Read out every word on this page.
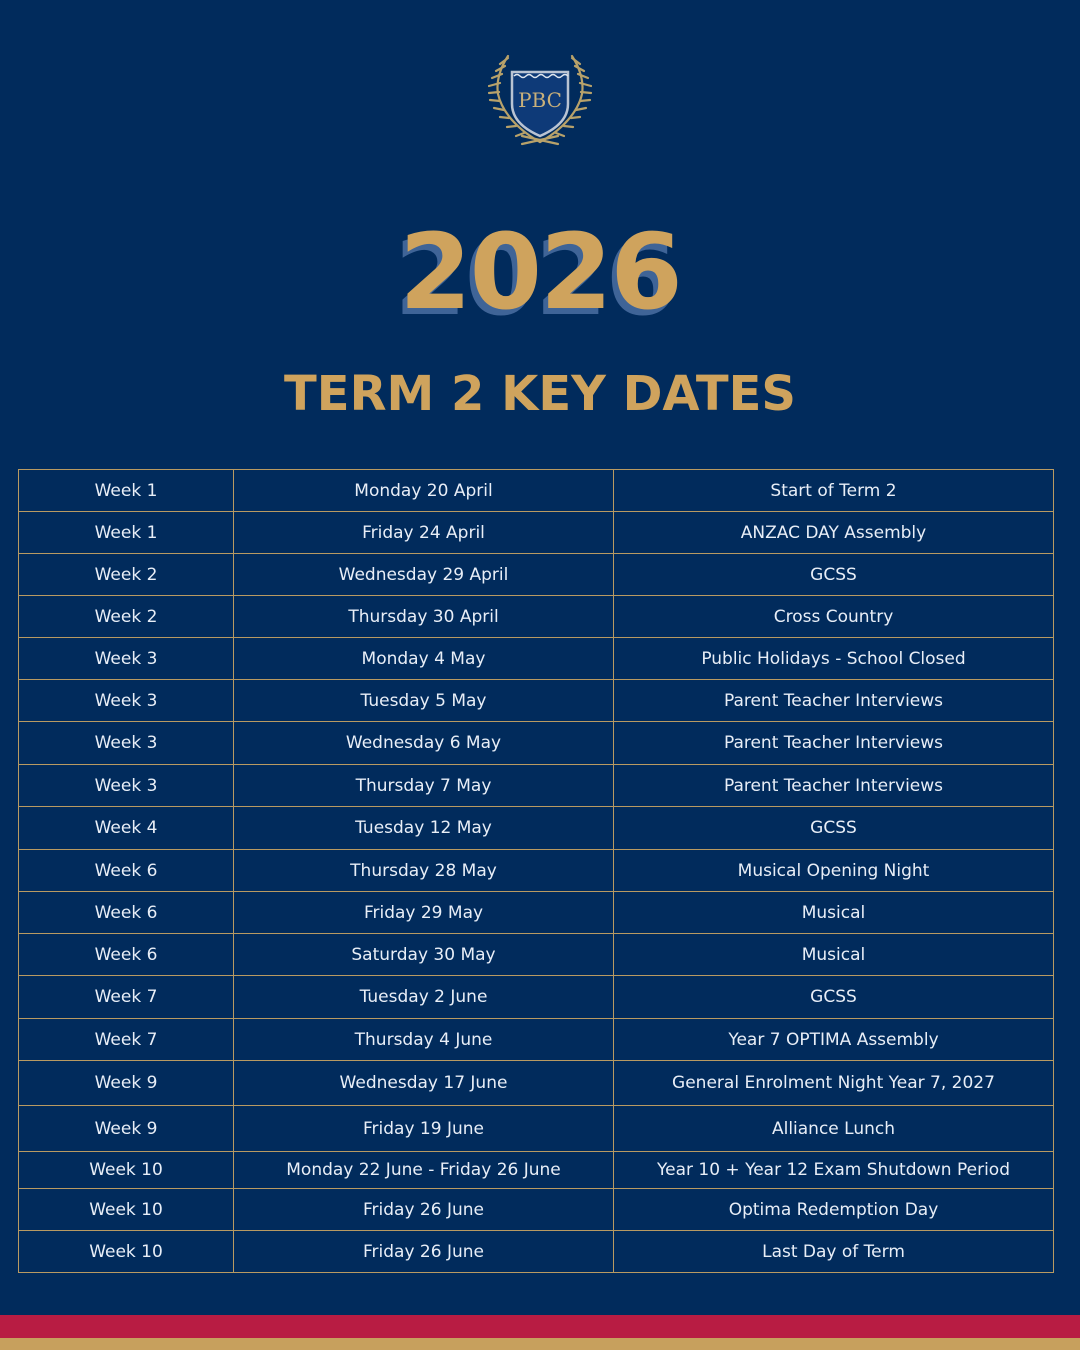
PBC
2026
TERM 2 KEY DATES
Week 1	Monday 20 April	Start of Term 2
Week 1	Friday 24 April	ANZAC DAY Assembly
Week 2	Wednesday 29 April	GCSS
Week 2	Thursday 30 April	Cross Country
Week 3	Monday 4 May	Public Holidays - School Closed
Week 3	Tuesday 5 May	Parent Teacher Interviews
Week 3	Wednesday 6 May	Parent Teacher Interviews
Week 3	Thursday 7 May	Parent Teacher Interviews
Week 4	Tuesday 12 May	GCSS
Week 6	Thursday 28 May	Musical Opening Night
Week 6	Friday 29 May	Musical
Week 6	Saturday 30 May	Musical
Week 7	Tuesday 2 June	GCSS
Week 7	Thursday 4 June	Year 7 OPTIMA Assembly
Week 9	Wednesday 17 June	General Enrolment Night Year 7, 2027
Week 9	Friday 19 June	Alliance Lunch
Week 10	Monday 22 June - Friday 26 June	Year 10 + Year 12 Exam Shutdown Period
Week 10	Friday 26 June	Optima Redemption Day
Week 10	Friday 26 June	Last Day of Term
